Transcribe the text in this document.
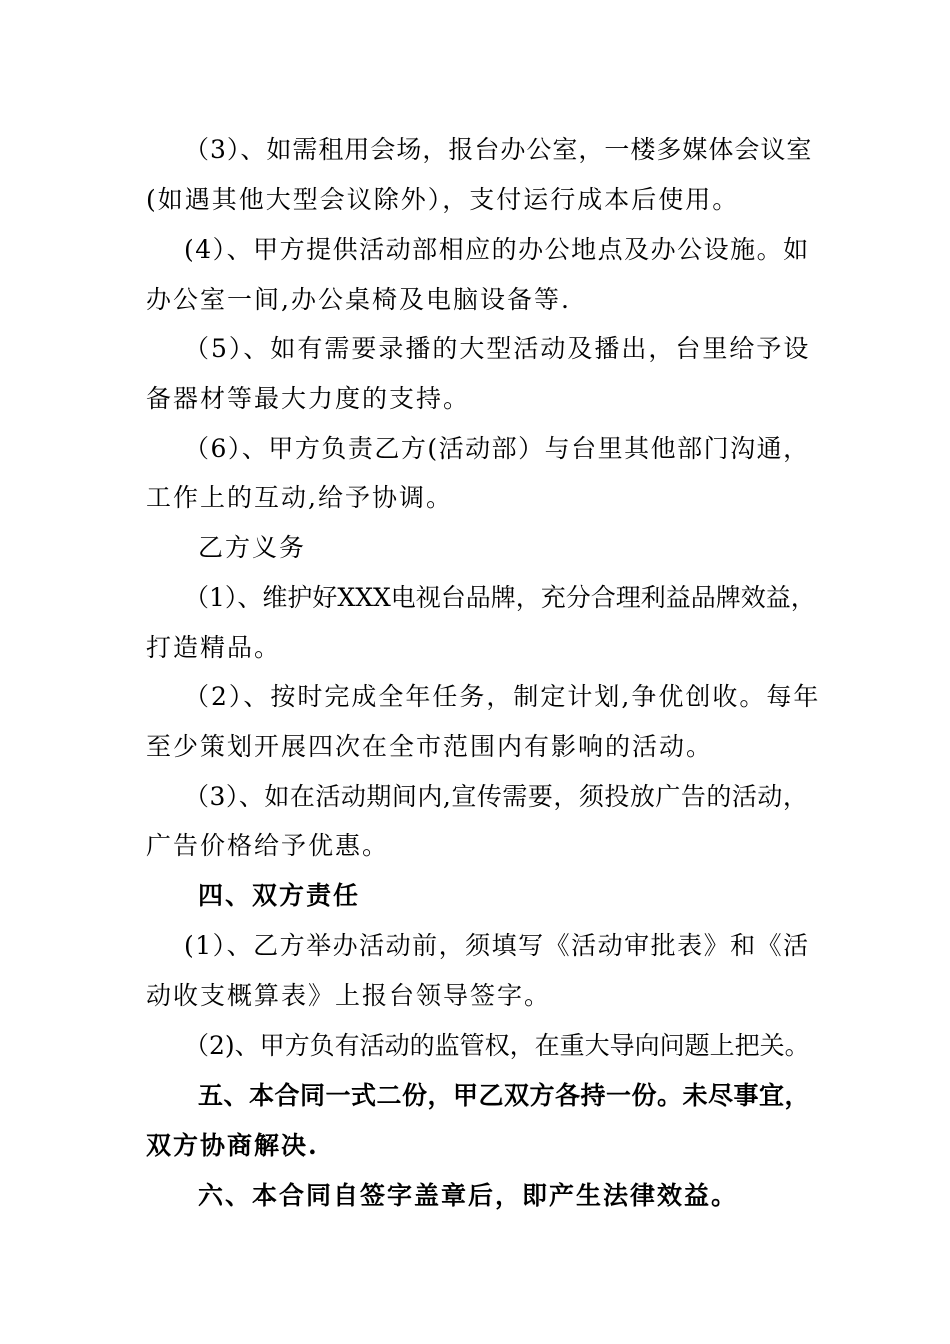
（3）、如需租用会场，报台办公室，一楼多媒体会议室
(如遇其他大型会议除外），支付运行成本后使用。
(4）、甲方提供活动部相应的办公地点及办公设施。如
办公室一间,办公桌椅及电脑设备等.
（5）、如有需要录播的大型活动及播出，台里给予设
备器材等最大力度的支持。
（6）、甲方负责乙方(活动部）与台里其他部门沟通，
工作上的互动,给予协调。
乙方义务
（1）、维护好XXX电视台品牌，充分合理利益品牌效益，
打造精品。
（2）、按时完成全年任务，制定计划,争优创收。每年
至少策划开展四次在全市范围内有影响的活动。
（3）、如在活动期间内,宣传需要，须投放广告的活动，
广告价格给予优惠。
四、双方责任
(1）、乙方举办活动前，须填写《活动审批表》和《活
动收支概算表》上报台领导签字。
（2)、甲方负有活动的监管权，在重大导向问题上把关。
五、本合同一式二份，甲乙双方各持一份。未尽事宜，
双方协商解决.
六、本合同自签字盖章后，即产生法律效益。
